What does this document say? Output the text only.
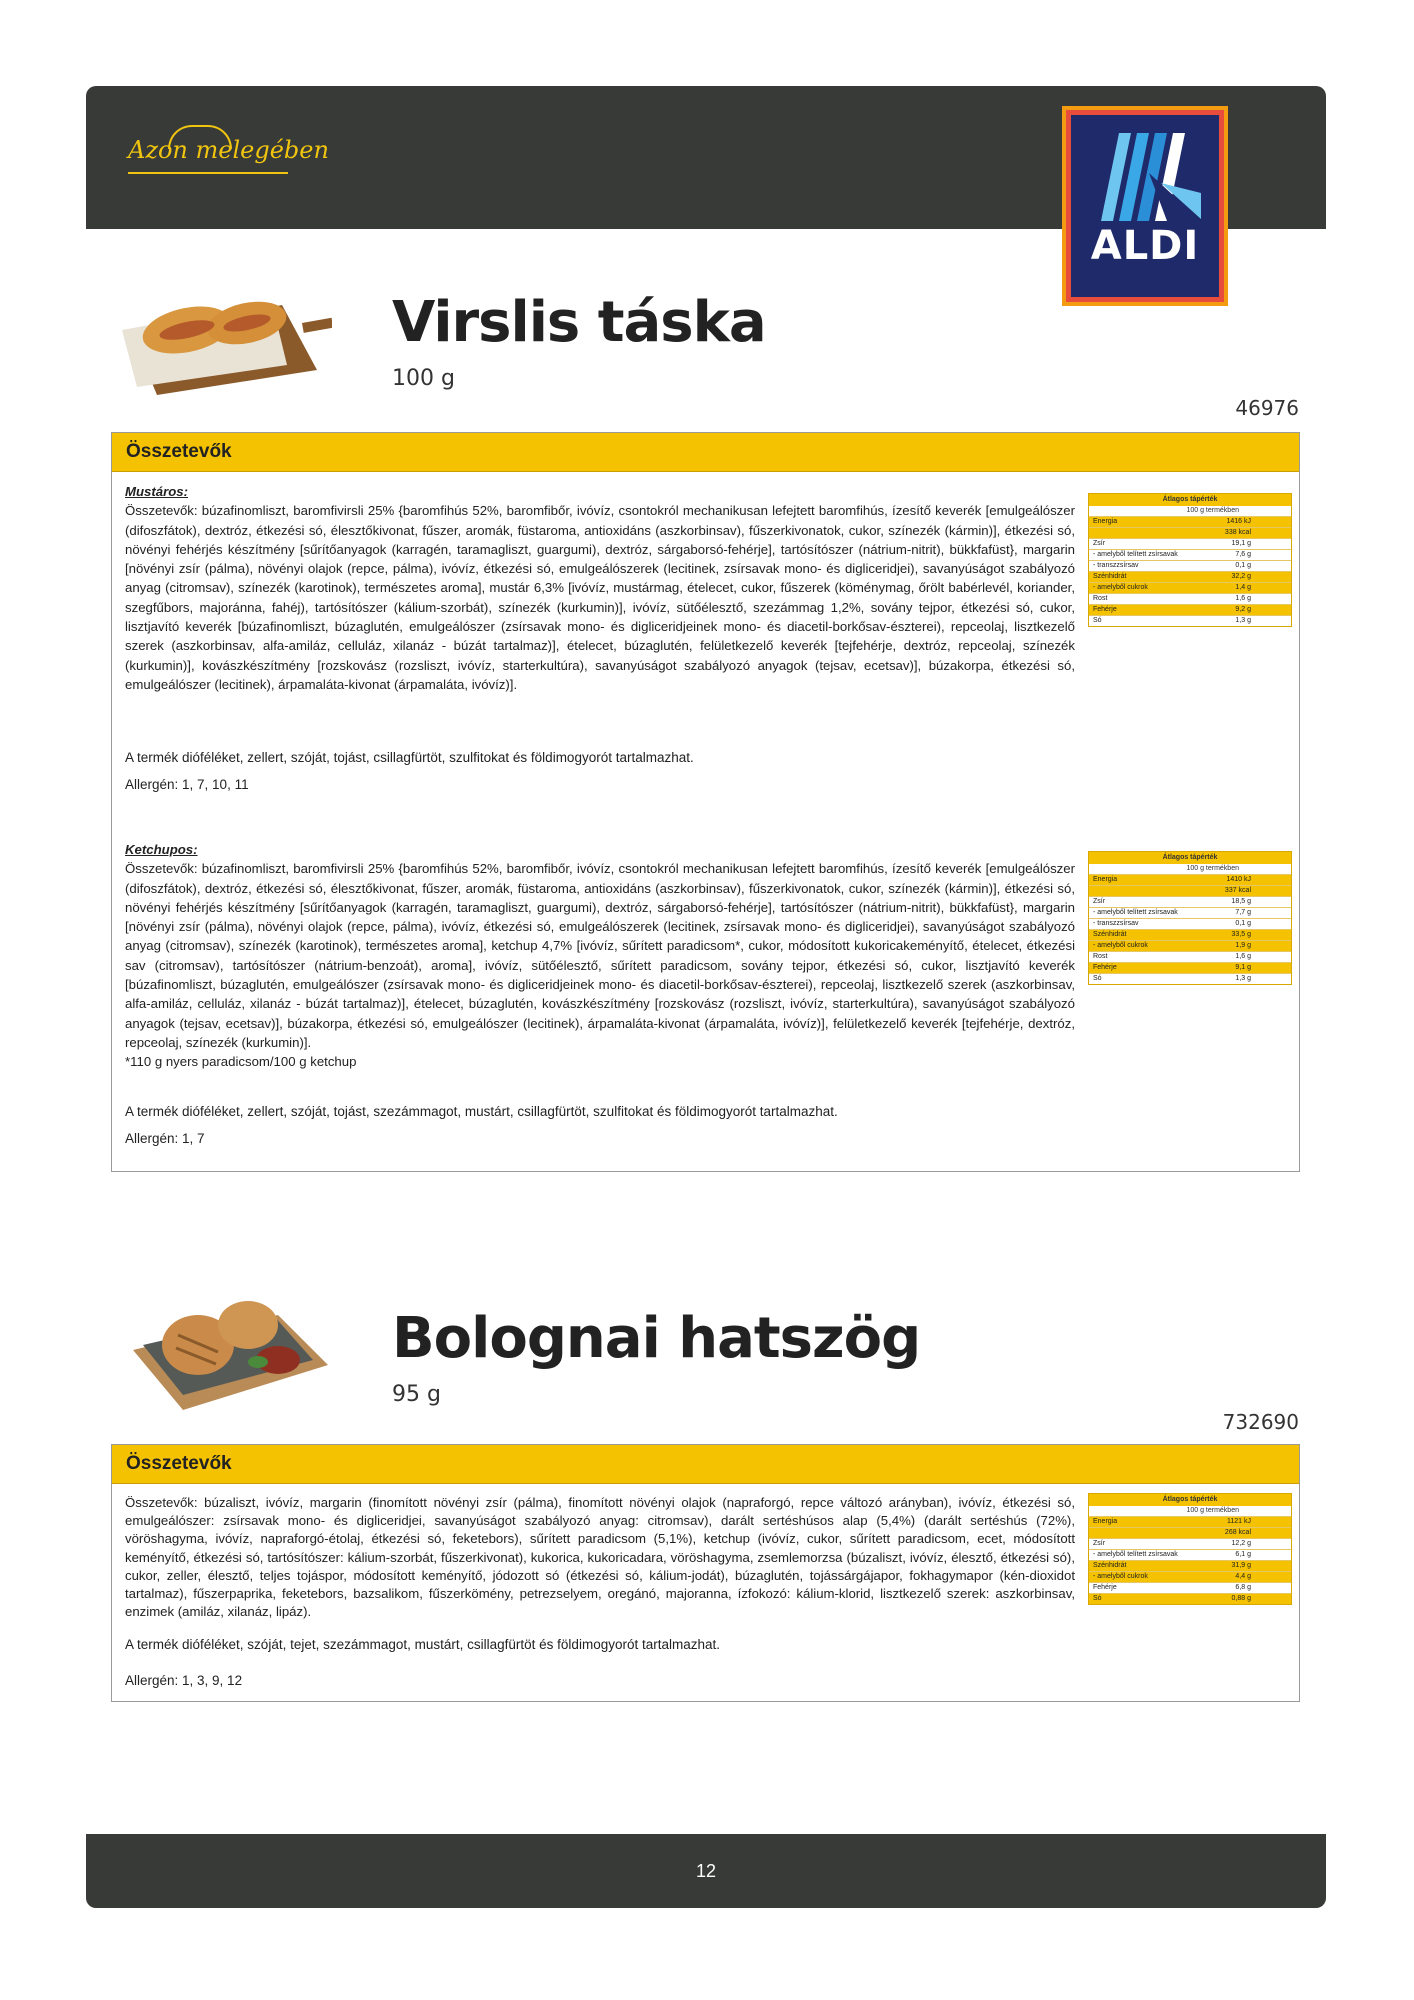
Azon melegében
ALDI
Virslis táska
100 g
46976
Összetevők

Mustáros:

Összetevők: búzafinomliszt, baromfivirsli 25% {baromfihús 52%, baromfibőr, ivóvíz, csontokról mechanikusan lefejtett baromfihús, ízesítő keverék [emulgeálószer (difoszfátok), dextróz, étkezési só, élesztőkivonat, fűszer, aromák, füstaroma, antioxidáns (aszkorbinsav), fűszerkivonatok, cukor, színezék (kármin)], étkezési só, növényi fehérjés készítmény [sűrítőanyagok (karragén, taramagliszt, guargumi), dextróz, sárgaborsó-fehérje], tartósítószer (nátrium-nitrit), bükkfafüst}, margarin [növényi zsír (pálma), növényi olajok (repce, pálma), ivóvíz, étkezési só, emulgeálószerek (lecitinek, zsírsavak mono- és digliceridjei), savanyúságot szabályozó anyag (citromsav), színezék (karotinok), természetes aroma], mustár 6,3% [ivóvíz, mustármag, ételecet, cukor, fűszerek (köménymag, őrölt babérlevél, koriander, szegfűbors, majoránna, fahéj), tartósítószer (kálium-szorbát), színezék (kurkumin)], ivóvíz, sütőélesztő, szezámmag 1,2%, sovány tejpor, étkezési só, cukor, lisztjavító keverék [búzafinomliszt, búzaglutén, emulgeálószer (zsírsavak mono- és digliceridjeinek mono- és diacetil-borkősav-észterei), repceolaj, lisztkezelő szerek (aszkorbinsav, alfa-amiláz, celluláz, xilanáz - búzát tartalmaz)], ételecet, búzaglutén, felületkezelő keverék [tejfehérje, dextróz, repceolaj, színezék (kurkumin)], kovászkészítmény [rozskovász (rozsliszt, ivóvíz, starterkultúra), savanyúságot szabályozó anyagok (tejsav, ecetsav)], búzakorpa, étkezési só, emulgeálószer (lecitinek), árpamaláta-kivonat (árpamaláta, ivóvíz)].

A termék dióféléket, zellert, szóját, tojást, csillagfürtöt, szulfitokat és földimogyorót tartalmazhat.
Allergén: 1, 7, 10, 11
Átlagos tápérték
100 g termékben
Energia	1416 kJ
338 kcal
Zsír	19,1 g
- amelyből telített zsírsavak	7,6 g
- transzzsírsav	0,1 g
Szénhidrát	32,2 g
- amelyből cukrok	1,4 g
Rost	1,6 g
Fehérje	9,2 g
Só	1,3 g

Ketchupos:

Összetevők: búzafinomliszt, baromfivirsli 25% {baromfihús 52%, baromfibőr, ivóvíz, csontokról mechanikusan lefejtett baromfihús, ízesítő keverék [emulgeálószer (difoszfátok), dextróz, étkezési só, élesztőkivonat, fűszer, aromák, füstaroma, antioxidáns (aszkorbinsav), fűszerkivonatok, cukor, színezék (kármin)], étkezési só, növényi fehérjés készítmény [sűrítőanyagok (karragén, taramagliszt, guargumi), dextróz, sárgaborsó-fehérje], tartósítószer (nátrium-nitrit), bükkfafüst}, margarin [növényi zsír (pálma), növényi olajok (repce, pálma), ivóvíz, étkezési só, emulgeálószerek (lecitinek, zsírsavak mono- és digliceridjei), savanyúságot szabályozó anyag (citromsav), színezék (karotinok), természetes aroma], ketchup 4,7% [ivóvíz, sűrített paradicsom*, cukor, módosított kukoricakeményítő, ételecet, étkezési sav (citromsav), tartósítószer (nátrium-benzoát), aroma], ivóvíz, sütőélesztő, sűrített paradicsom, sovány tejpor, étkezési só, cukor, lisztjavító keverék [búzafinomliszt, búzaglutén, emulgeálószer (zsírsavak mono- és digliceridjeinek mono- és diacetil-borkősav-észterei), repceolaj, lisztkezelő szerek (aszkorbinsav, alfa-amiláz, celluláz, xilanáz - búzát tartalmaz)], ételecet, búzaglutén, kovászkészítmény [rozskovász (rozsliszt, ivóvíz, starterkultúra), savanyúságot szabályozó anyagok (tejsav, ecetsav)], búzakorpa, étkezési só, emulgeálószer (lecitinek), árpamaláta-kivonat (árpamaláta, ivóvíz)], felületkezelő keverék [tejfehérje, dextróz, repceolaj, színezék (kurkumin)].

*110 g nyers paradicsom/100 g ketchup

A termék dióféléket, zellert, szóját, tojást, szezámmagot, mustárt, csillagfürtöt, szulfitokat és földimogyorót tartalmazhat.
Allergén: 1, 7
Átlagos tápérték
100 g termékben
Energia	1410 kJ
337 kcal
Zsír	18,5 g
- amelyből telített zsírsavak	7,7 g
- transzzsírsav	0,1 g
Szénhidrát	33,5 g
- amelyből cukrok	1,9 g
Rost	1,6 g
Fehérje	9,1 g
Só	1,3 g
Bolognai hatszög
95 g
732690
Összetevők

Összetevők: búzaliszt, ivóvíz, margarin (finomított növényi zsír (pálma), finomított növényi olajok (napraforgó, repce változó arányban), ivóvíz, étkezési só, emulgeálószer: zsírsavak mono- és digliceridjei, savanyúságot szabályozó anyag: citromsav), darált sertéshúsos alap (5,4%) (darált sertéshús (72%), vöröshagyma, ivóvíz, napraforgó-étolaj, étkezési só, feketebors), sűrített paradicsom (5,1%), ketchup (ivóvíz, cukor, sűrített paradicsom, ecet, módosított keményítő, étkezési só, tartósítószer: kálium-szorbát, fűszerkivonat), kukorica, kukoricadara, vöröshagyma, zsemlemorzsa (búzaliszt, ivóvíz, élesztő, étkezési só), cukor, zeller, élesztő, teljes tojáspor, módosított keményítő, jódozott só (étkezési só, kálium-jodát), búzaglutén, tojássárgájapor, fokhagymapor (kén-dioxidot tartalmaz), fűszerpaprika, feketebors, bazsalikom, fűszerkömény, petrezselyem, oregánó, majoranna, ízfokozó: kálium-klorid, lisztkezelő szerek: aszkorbinsav, enzimek (amiláz, xilanáz, lipáz).

A termék dióféléket, szóját, tejet, szezámmagot, mustárt, csillagfürtöt és földimogyorót tartalmazhat.
Allergén: 1, 3, 9, 12
Átlagos tápérték
100 g termékben
Energia	1121 kJ
268 kcal
Zsír	12,2 g
- amelyből telített zsírsavak	6,1 g
Szénhidrát	31,9 g
- amelyből cukrok	4,4 g
Fehérje	6,8 g
Só	0,88 g
12
